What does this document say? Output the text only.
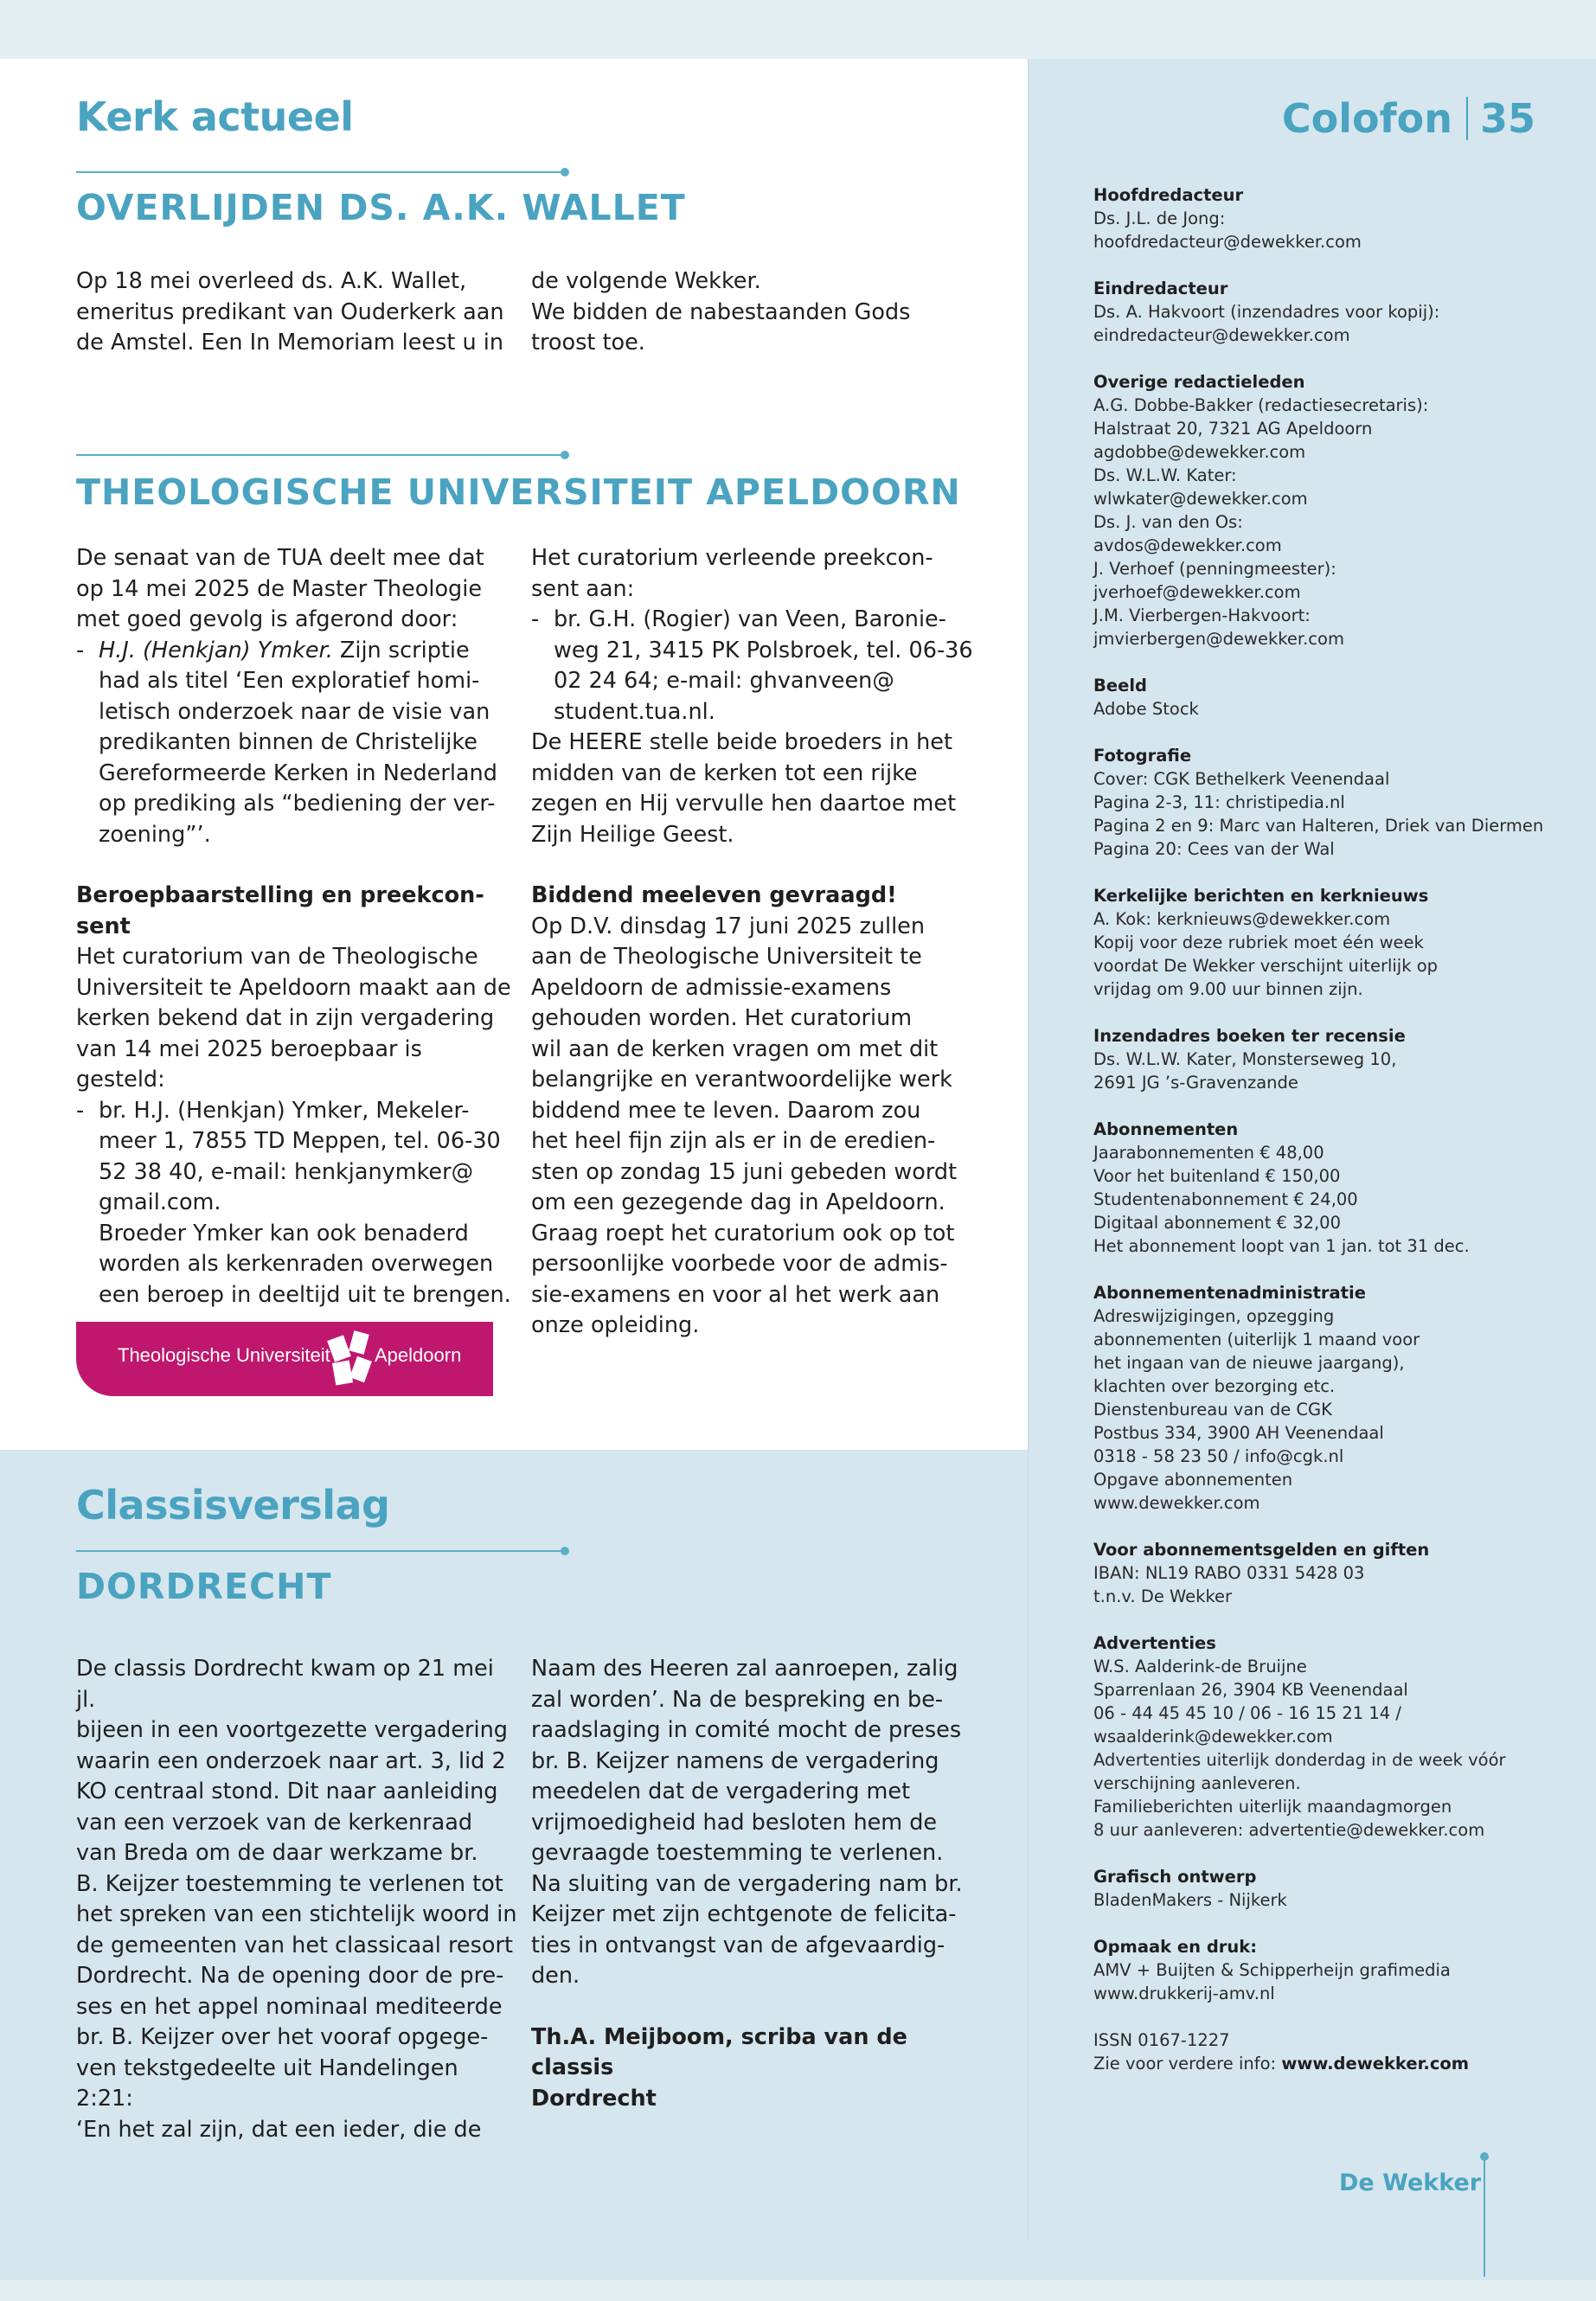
Kerk actueel
OVERLIJDEN DS. A.K. WALLET

Op 18 mei overleed ds. A.K. Wallet,

emeritus predikant van Ouderkerk aan

de Amstel. Een In Memoriam leest u in

de volgende Wekker.

We bidden de nabestaanden Gods

troost toe.

THEOLOGISCHE UNIVERSITEIT APELDOORN

De senaat van de TUA deelt mee dat

op 14 mei 2025 de Master Theologie

met goed gevolg is afgerond door:

- H.J. (Henkjan) Ymker. Zijn scriptie

had als titel ‘Een exploratief homi-

letisch onderzoek naar de visie van

predikanten binnen de Christelijke

Gereformeerde Kerken in Nederland

op prediking als “bediening der ver-

zoening”’.

Beroepbaarstelling en preekcon-
sent

Het curatorium van de Theologische

Universiteit te Apeldoorn maakt aan de

kerken bekend dat in zijn vergadering

van 14 mei 2025 beroepbaar is gesteld:

- br. H.J. (Henkjan) Ymker, Mekeler-

meer 1, 7855 TD Meppen, tel. 06-30

52 38 40, e-mail: henkjanymker@

gmail.com.

Broeder Ymker kan ook benaderd

worden als kerkenraden overwegen

een beroep in deeltijd uit te brengen.

Het curatorium verleende preekcon-

sent aan:

- br. G.H. (Rogier) van Veen, Baronie-

weg 21, 3415 PK Polsbroek, tel. 06-36

02 24 64; e-mail: ghvanveen@

student.tua.nl.

De HEERE stelle beide broeders in het

midden van de kerken tot een rijke

zegen en Hij vervulle hen daartoe met

Zijn Heilige Geest.

Biddend meeleven gevraagd!

Op D.V. dinsdag 17 juni 2025 zullen

aan de Theologische Universiteit te

Apeldoorn de admissie-examens

gehouden worden. Het curatorium

wil aan de kerken vragen om met dit

belangrijke en verantwoordelijke werk

biddend mee te leven. Daarom zou

het heel fijn zijn als er in de eredien-

sten op zondag 15 juni gebeden wordt

om een gezegende dag in Apeldoorn.

Graag roept het curatorium ook op tot

persoonlijke voorbede voor de admis-

sie-examens en voor al het werk aan

onze opleiding.

Theologische Universiteit Apeldoorn
Classisverslag
DORDRECHT

De classis Dordrecht kwam op 21 mei jl.

bijeen in een voortgezette vergadering

waarin een onderzoek naar art. 3, lid 2

KO centraal stond. Dit naar aanleiding

van een verzoek van de kerkenraad

van Breda om de daar werkzame br.

B. Keijzer toestemming te verlenen tot

het spreken van een stichtelijk woord in

de gemeenten van het classicaal resort

Dordrecht. Na de opening door de pre-

ses en het appel nominaal mediteerde

br. B. Keijzer over het vooraf opgege-

ven tekstgedeelte uit Handelingen 2:21:

‘En het zal zijn, dat een ieder, die de

Naam des Heeren zal aanroepen, zalig

zal worden’. Na de bespreking en be-

raadslaging in comité mocht de preses

br. B. Keijzer namens de vergadering

meedelen dat de vergadering met

vrijmoedigheid had besloten hem de

gevraagde toestemming te verlenen.

Na sluiting van de vergadering nam br.

Keijzer met zijn echtgenote de felicita-

ties in ontvangst van de afgevaardig-

den.

Th.A. Meijboom, scriba van de classis

Dordrecht

Colofon 35
Hoofdredacteur
Ds. J.L. de Jong:
hoofdredacteur@dewekker.com
Eindredacteur
Ds. A. Hakvoort (inzendadres voor kopij):
eindredacteur@dewekker.com
Overige redactieleden
A.G. Dobbe-Bakker (redactiesecretaris):
Halstraat 20, 7321 AG Apeldoorn
agdobbe@dewekker.com
Ds. W.L.W. Kater:
wlwkater@dewekker.com
Ds. J. van den Os:
avdos@dewekker.com
J. Verhoef (penningmeester):
jverhoef@dewekker.com
J.M. Vierbergen-Hakvoort:
jmvierbergen@dewekker.com
Beeld
Adobe Stock
Fotografie
Cover: CGK Bethelkerk Veenendaal
Pagina 2-3, 11: christipedia.nl
Pagina 2 en 9: Marc van Halteren, Driek van Diermen
Pagina 20: Cees van der Wal
Kerkelijke berichten en kerknieuws
A. Kok: kerknieuws@dewekker.com
Kopij voor deze rubriek moet één week
voordat De Wekker verschijnt uiterlijk op
vrijdag om 9.00 uur binnen zijn.
Inzendadres boeken ter recensie
Ds. W.L.W. Kater, Monsterseweg 10,
2691 JG ’s-Gravenzande
Abonnementen
Jaarabonnementen € 48,00
Voor het buitenland € 150,00
Studentenabonnement € 24,00
Digitaal abonnement € 32,00
Het abonnement loopt van 1 jan. tot 31 dec.
Abonnementenadministratie
Adreswijzigingen, opzegging
abonnementen (uiterlijk 1 maand voor
het ingaan van de nieuwe jaargang),
klachten over bezorging etc.
Dienstenbureau van de CGK
Postbus 334, 3900 AH Veenendaal
0318 - 58 23 50 / info@cgk.nl
Opgave abonnementen
www.dewekker.com
Voor abonnementsgelden en giften
IBAN: NL19 RABO 0331 5428 03
t.n.v. De Wekker
Advertenties
W.S. Aalderink-de Bruijne
Sparrenlaan 26, 3904 KB Veenendaal
06 - 44 45 45 10 / 06 - 16 15 21 14 /
wsaalderink@dewekker.com
Advertenties uiterlijk donderdag in de week vóór
verschijning aanleveren.
Familieberichten uiterlijk maandagmorgen
8 uur aanleveren: advertentie@dewekker.com
Grafisch ontwerp
BladenMakers - Nijkerk
Opmaak en druk:
AMV + Buijten & Schipperheijn grafimedia
www.drukkerij-amv.nl
ISSN 0167-1227
Zie voor verdere info: www.dewekker.com
De Wekker
